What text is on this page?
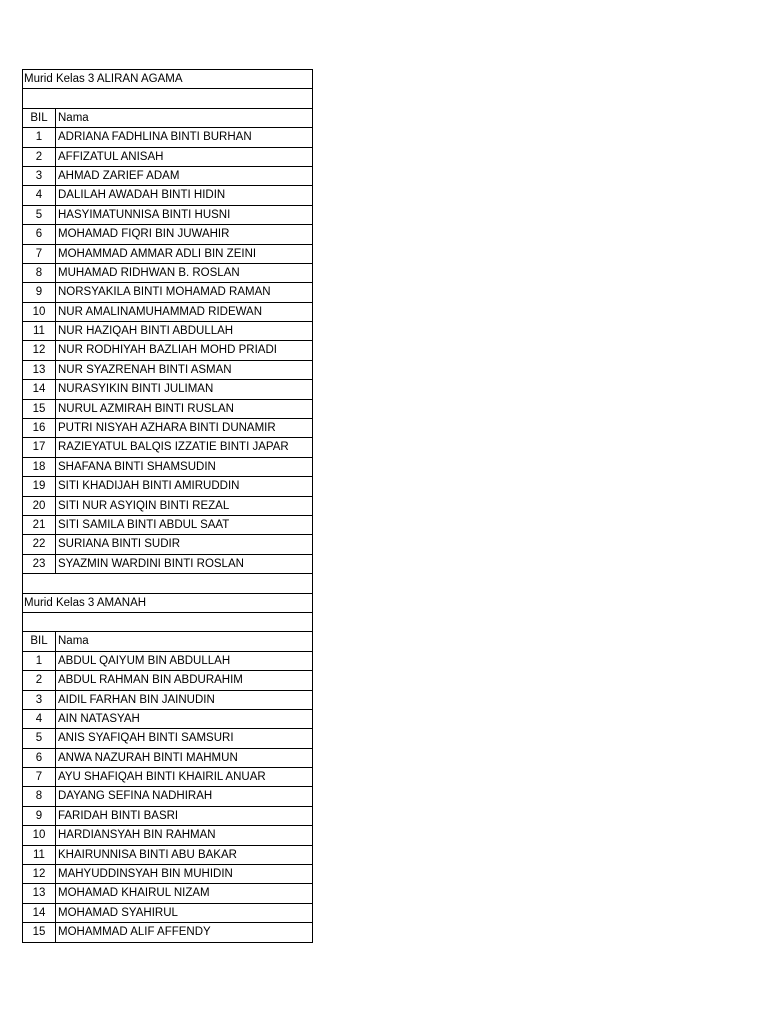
Murid Kelas 3 ALIRAN AGAMA
BIL Nama
1	ADRIANA FADHLINA BINTI BURHAN
2	AFFIZATUL ANISAH
3	AHMAD ZARIEF ADAM
4	DALILAH AWADAH BINTI HIDIN
5	HASYIMATUNNISA BINTI HUSNI
6	MOHAMAD FIQRI BIN JUWAHIR
7	MOHAMMAD AMMAR ADLI BIN ZEINI
8	MUHAMAD RIDHWAN B. ROSLAN
9	NORSYAKILA BINTI MOHAMAD RAMAN
10	NUR AMALINAMUHAMMAD RIDEWAN
11	NUR HAZIQAH BINTI ABDULLAH
12	NUR RODHIYAH BAZLIAH MOHD PRIADI
13	NUR SYAZRENAH BINTI ASMAN
14	NURASYIKIN BINTI JULIMAN
15	NURUL AZMIRAH BINTI RUSLAN
16	PUTRI NISYAH AZHARA BINTI DUNAMIR
17	RAZIEYATUL BALQIS IZZATIE BINTI JAPAR
18	SHAFANA BINTI SHAMSUDIN
19	SITI KHADIJAH BINTI AMIRUDDIN
20	SITI NUR ASYIQIN BINTI REZAL
21	SITI SAMILA BINTI ABDUL SAAT
22	SURIANA BINTI SUDIR
23	SYAZMIN WARDINI BINTI ROSLAN
Murid Kelas 3 AMANAH
BIL Nama
1	ABDUL QAIYUM BIN ABDULLAH
2	ABDUL RAHMAN BIN ABDURAHIM
3	AIDIL FARHAN BIN JAINUDIN
4	AIN NATASYAH
5	ANIS SYAFIQAH BINTI SAMSURI
6	ANWA NAZURAH BINTI MAHMUN
7	AYU SHAFIQAH BINTI KHAIRIL ANUAR
8	DAYANG SEFINA NADHIRAH
9	FARIDAH BINTI BASRI
10	HARDIANSYAH BIN RAHMAN
11	KHAIRUNNISA BINTI ABU BAKAR
12	MAHYUDDINSYAH BIN MUHIDIN
13	MOHAMAD KHAIRUL NIZAM
14	MOHAMAD SYAHIRUL
15	MOHAMMAD ALIF AFFENDY
